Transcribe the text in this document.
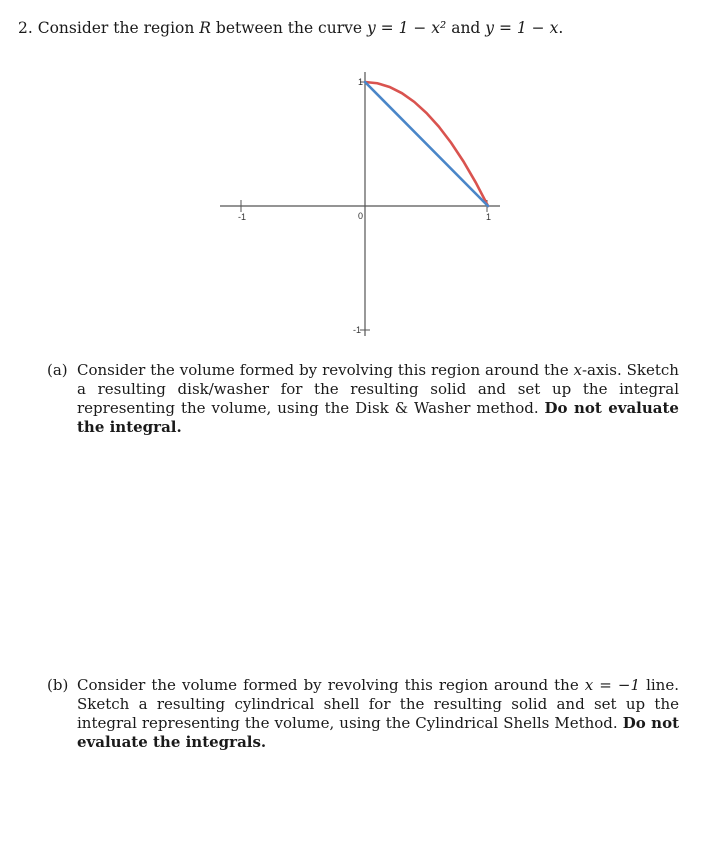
2. Consider the region R between the curve y = 1 − x² and y = 1 − x.
-1	1
1
-1
0
(a) Consider the volume formed by revolving this region around the x-axis. Sketch a resulting disk/washer for the resulting solid and set up the integral representing the volume, using the Disk & Washer method. Do not evaluate the integral.
(b) Consider the volume formed by revolving this region around the x = −1 line. Sketch a resulting cylindrical shell for the resulting solid and set up the integral representing the volume, using the Cylindrical Shells Method. Do not evaluate the integrals.
